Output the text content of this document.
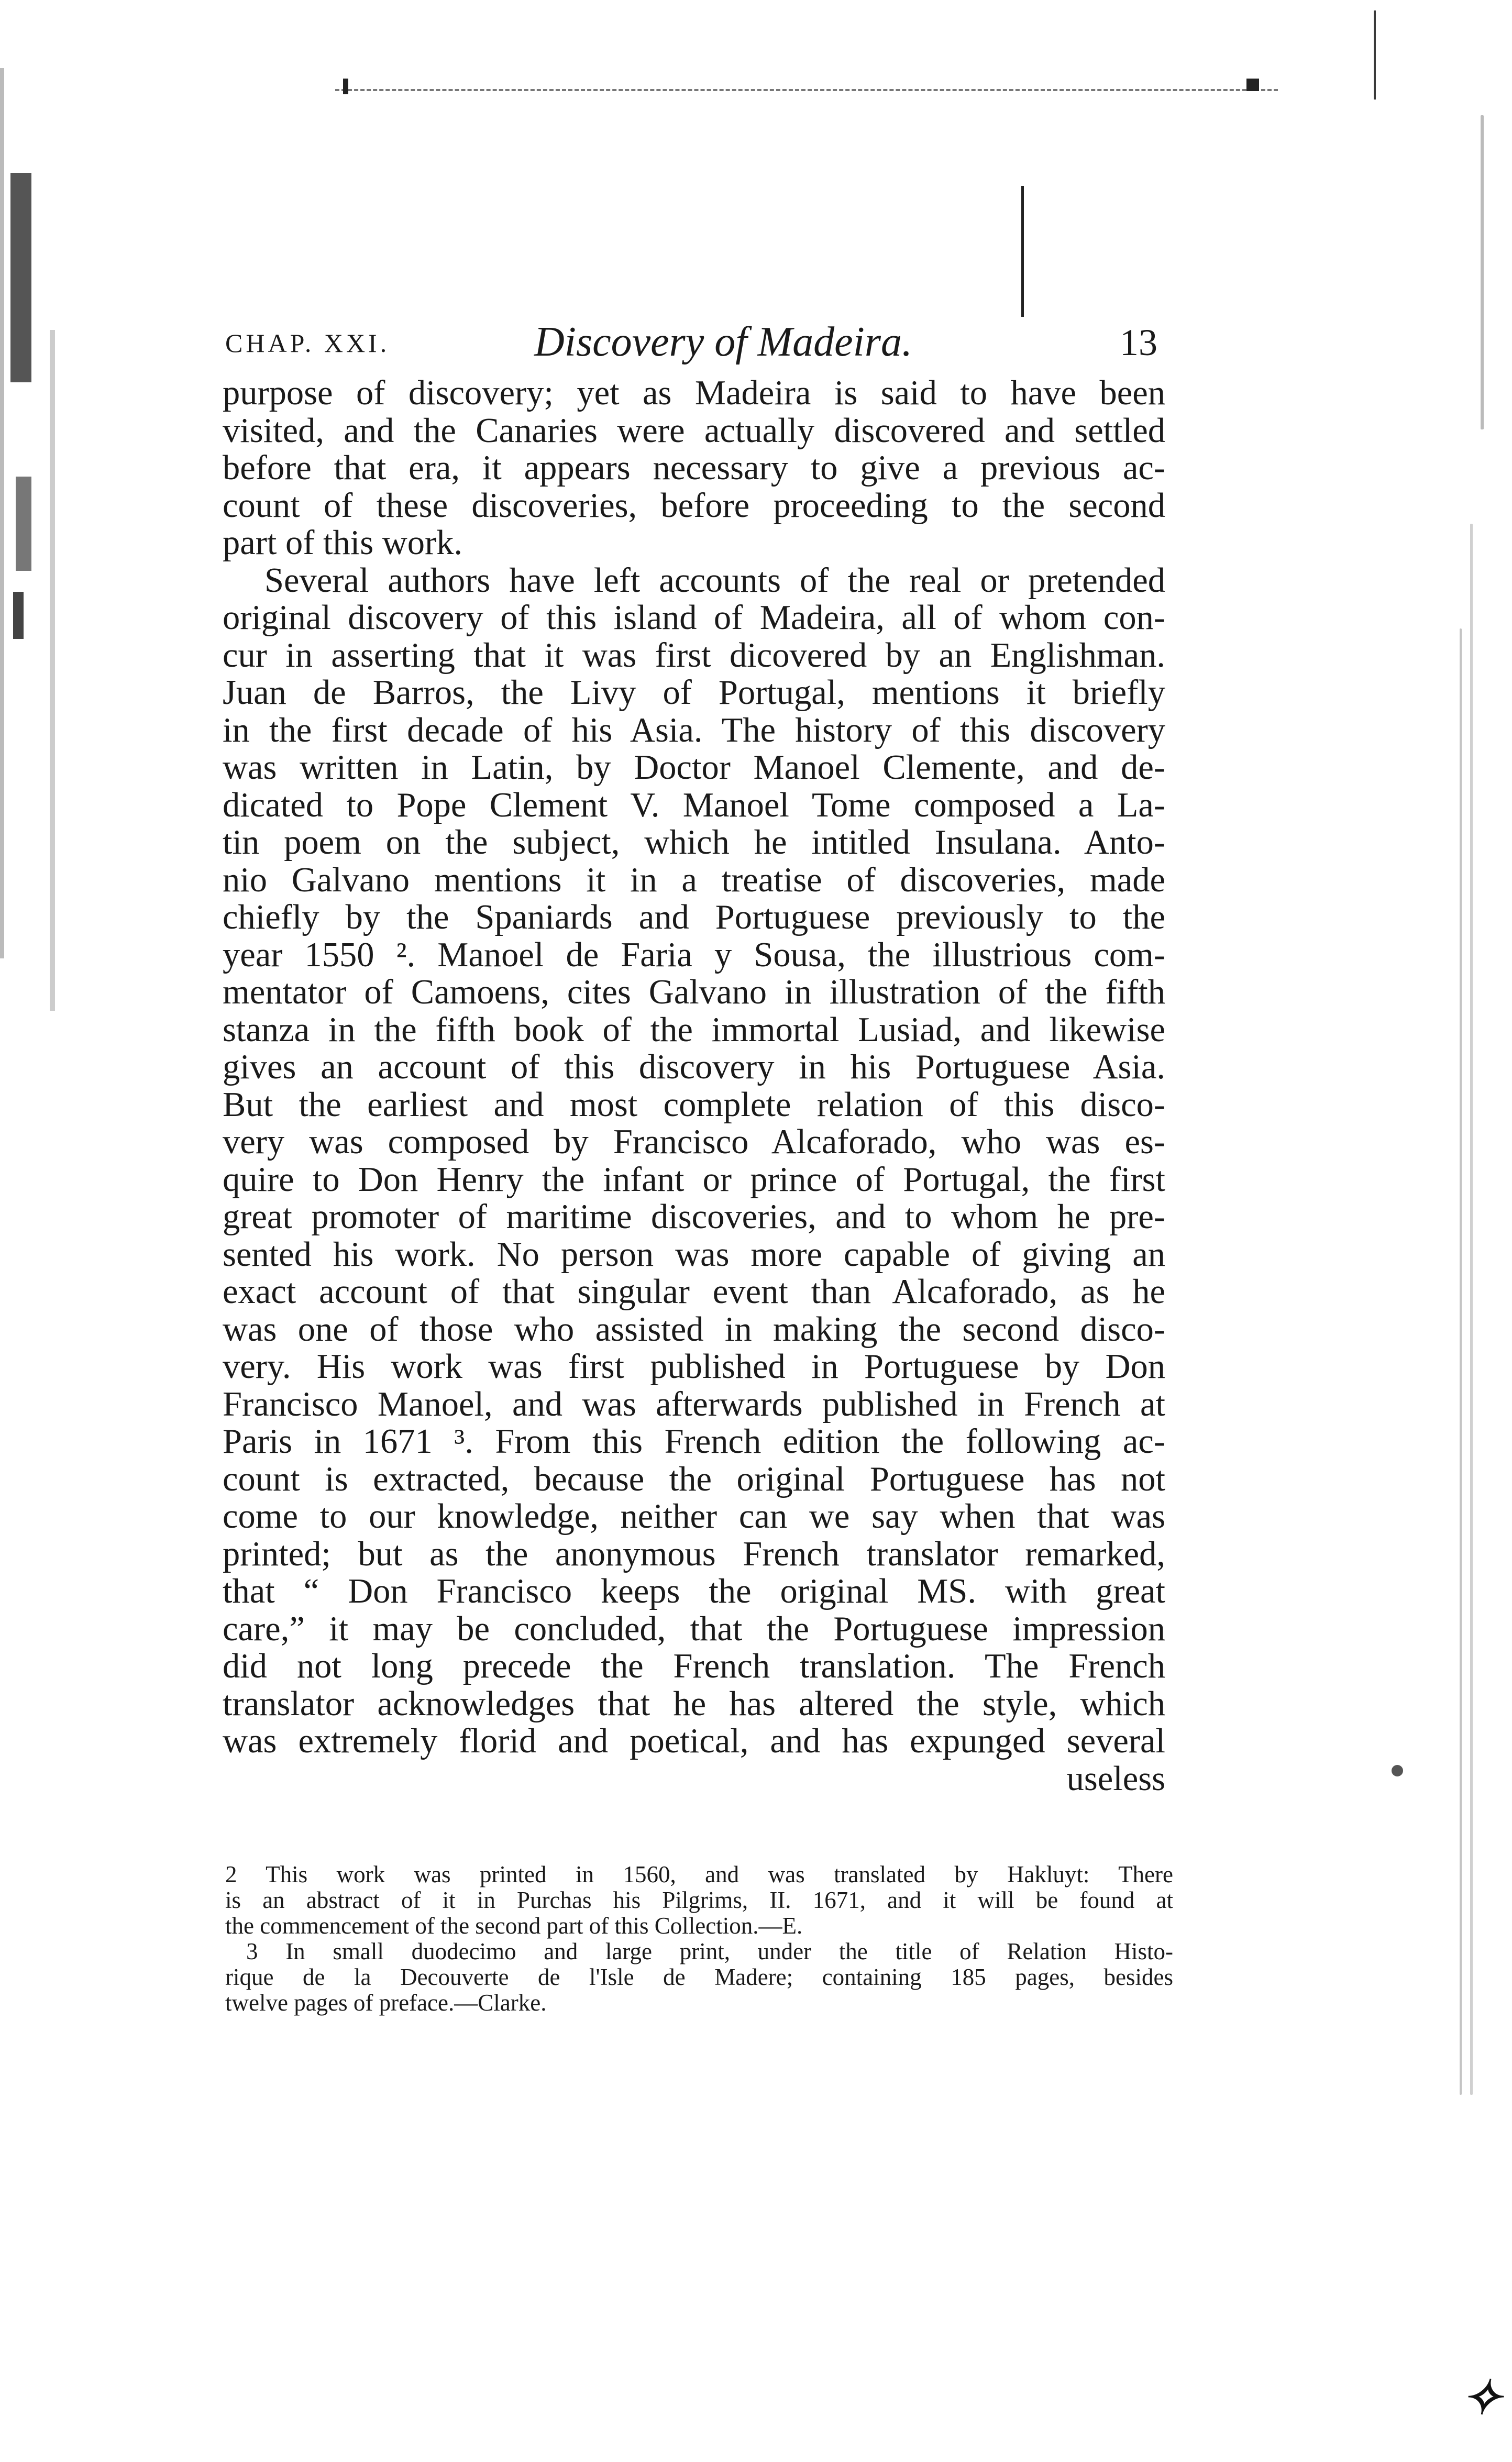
CHAP. XXI.	Discovery of Madeira.	13
purpose of discovery; yet as Madeira is said to have been
visited, and the Canaries were actually discovered and settled
before that era, it appears necessary to give a previous ac-
count of these discoveries, before proceeding to the second
part of this work.
Several authors have left accounts of the real or pretended
original discovery of this island of Madeira, all of whom con-
cur in asserting that it was first dicovered by an Englishman.
Juan de Barros, the Livy of Portugal, mentions it briefly
in the first decade of his Asia. The history of this discovery
was written in Latin, by Doctor Manoel Clemente, and de-
dicated to Pope Clement V. Manoel Tome composed a La-
tin poem on the subject, which he intitled Insulana. Anto-
nio Galvano mentions it in a treatise of discoveries, made
chiefly by the Spaniards and Portuguese previously to the
year 1550 ². Manoel de Faria y Sousa, the illustrious com-
mentator of Camoens, cites Galvano in illustration of the fifth
stanza in the fifth book of the immortal Lusiad, and likewise
gives an account of this discovery in his Portuguese Asia.
But the earliest and most complete relation of this disco-
very was composed by Francisco Alcaforado, who was es-
quire to Don Henry the infant or prince of Portugal, the first
great promoter of maritime discoveries, and to whom he pre-
sented his work. No person was more capable of giving an
exact account of that singular event than Alcaforado, as he
was one of those who assisted in making the second disco-
very. His work was first published in Portuguese by Don
Francisco Manoel, and was afterwards published in French at
Paris in 1671 ³. From this French edition the following ac-
count is extracted, because the original Portuguese has not
come to our knowledge, neither can we say when that was
printed; but as the anonymous French translator remarked,
that “ Don Francisco keeps the original MS. with great
care,” it may be concluded, that the Portuguese impression
did not long precede the French translation. The French
translator acknowledges that he has altered the style, which
was extremely florid and poetical, and has expunged several
useless
2 This work was printed in 1560, and was translated by Hakluyt: There
is an abstract of it in Purchas his Pilgrims, II. 1671, and it will be found at
the commencement of the second part of this Collection.—E.
3 In small duodecimo and large print, under the title of Relation Histo-
rique de la Decouverte de l'Isle de Madere; containing 185 pages, besides
twelve pages of preface.—Clarke.
✧
